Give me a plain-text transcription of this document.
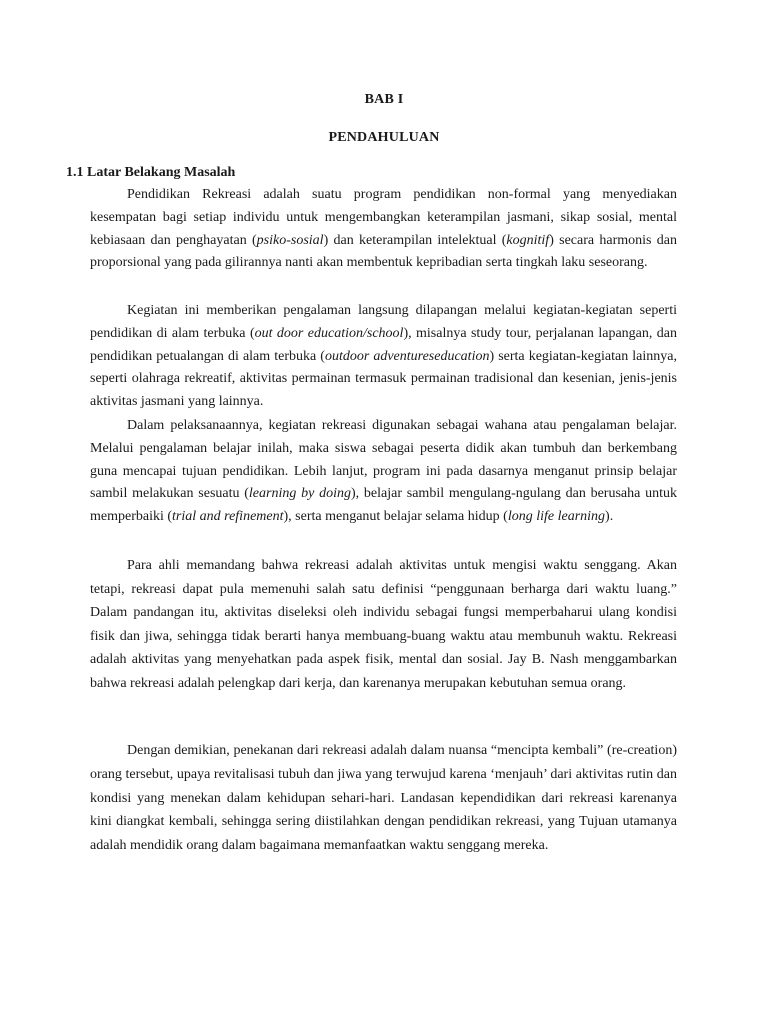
BAB I
PENDAHULUAN
1.1 Latar Belakang Masalah

Pendidikan Rekreasi adalah suatu program pendidikan non-formal yang menyediakan kesempatan bagi setiap individu untuk mengembangkan keterampilan jasmani, sikap sosial, mental kebiasaan dan penghayatan (psiko-sosial) dan keterampilan intelektual (kognitif) secara harmonis dan proporsional yang pada gilirannya nanti akan membentuk kepribadian serta tingkah laku seseorang.

Kegiatan ini memberikan pengalaman langsung dilapangan melalui kegiatan-kegiatan seperti pendidikan di alam terbuka (out door education/school), misalnya study tour, perjalanan lapangan, dan pendidikan petualangan di alam terbuka (outdoor adventureseducation) serta kegiatan-kegiatan lainnya, seperti olahraga rekreatif, aktivitas permainan termasuk permainan tradisional dan kesenian, jenis-jenis aktivitas jasmani yang lainnya.

Dalam pelaksanaannya, kegiatan rekreasi digunakan sebagai wahana atau pengalaman belajar. Melalui pengalaman belajar inilah, maka siswa sebagai peserta didik akan tumbuh dan berkembang guna mencapai tujuan pendidikan. Lebih lanjut, program ini pada dasarnya menganut prinsip belajar sambil melakukan sesuatu (learning by doing), belajar sambil mengulang-ngulang dan berusaha untuk memperbaiki (trial and refinement), serta menganut belajar selama hidup (long life learning).

Para ahli memandang bahwa rekreasi adalah aktivitas untuk mengisi waktu senggang. Akan tetapi, rekreasi dapat pula memenuhi salah satu definisi “penggunaan berharga dari waktu luang.” Dalam pandangan itu, aktivitas diseleksi oleh individu sebagai fungsi memperbaharui ulang kondisi fisik dan jiwa, sehingga tidak berarti hanya membuang-buang waktu atau membunuh waktu. Rekreasi adalah aktivitas yang menyehatkan pada aspek fisik, mental dan sosial. Jay B. Nash menggambarkan bahwa rekreasi adalah pelengkap dari kerja, dan karenanya merupakan kebutuhan semua orang.

Dengan demikian, penekanan dari rekreasi adalah dalam nuansa “mencipta kembali” (re-creation) orang tersebut, upaya revitalisasi tubuh dan jiwa yang terwujud karena ‘menjauh’ dari aktivitas rutin dan kondisi yang menekan dalam kehidupan sehari-hari. Landasan kependidikan dari rekreasi karenanya kini diangkat kembali, sehingga sering diistilahkan dengan pendidikan rekreasi, yang Tujuan utamanya adalah mendidik orang dalam bagaimana memanfaatkan waktu senggang mereka.
